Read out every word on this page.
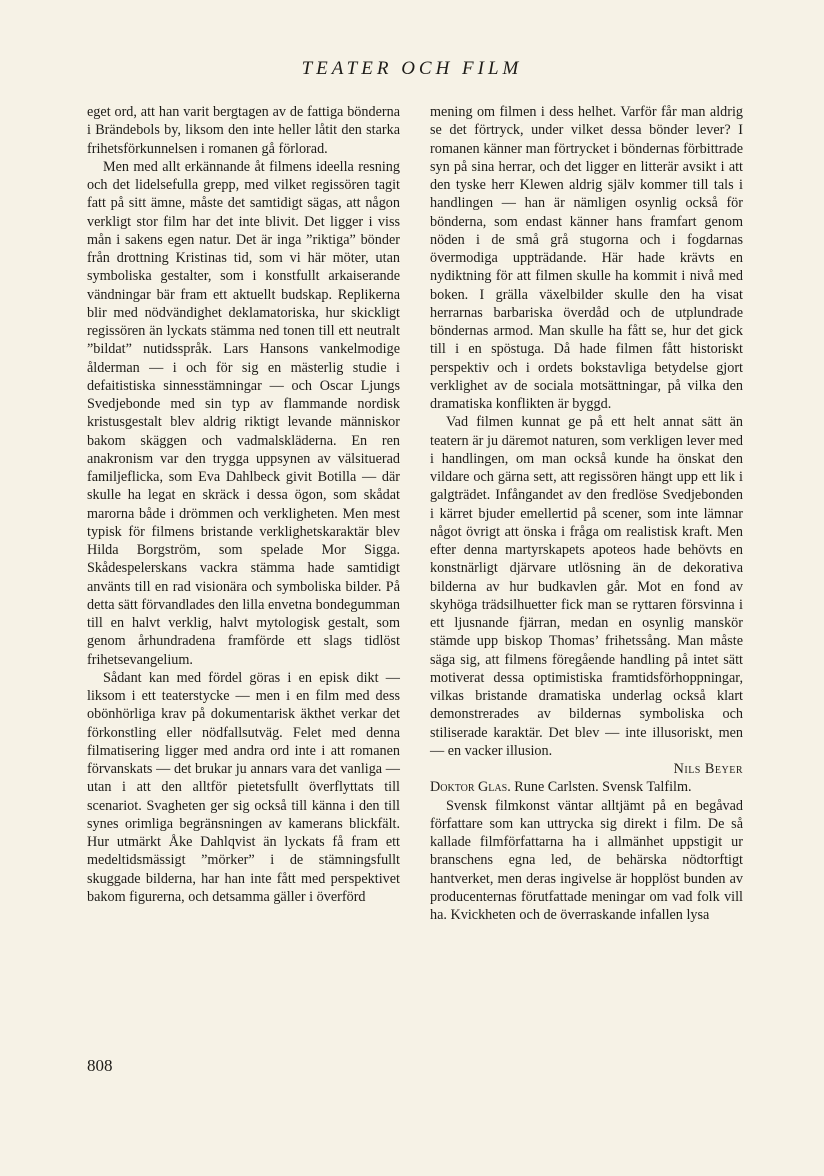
TEATER OCH FILM

eget ord, att han varit bergtagen av de fattiga bönderna i Brändebols by, liksom den inte heller låtit den starka frihetsförkunnelsen i romanen gå förlorad.

Men med allt erkännande åt filmens ideella resning och det lidelsefulla grepp, med vilket regissören tagit fatt på sitt ämne, måste det samtidigt sägas, att någon verkligt stor film har det inte blivit. Det ligger i viss mån i sakens egen natur. Det är inga ”riktiga” bönder från drottning Kristinas tid, som vi här möter, utan symboliska gestalter, som i konstfullt arkaiserande vändningar bär fram ett aktuellt budskap. Replikerna blir med nödvändighet deklamatoriska, hur skickligt regissören än lyckats stämma ned tonen till ett neutralt ”bildat” nutidsspråk. Lars Hansons vankelmodige ålderman — i och för sig en mästerlig studie i defaitistiska sinnesstämningar — och Oscar Ljungs Svedjebonde med sin typ av flammande nordisk kristusgestalt blev aldrig riktigt levande människor bakom skäggen och vadmalskläderna. En ren anakronism var den trygga uppsynen av välsituerad familjeflicka, som Eva Dahlbeck givit Botilla — där skulle ha legat en skräck i dessa ögon, som skådat marorna både i drömmen och verkligheten. Men mest typisk för filmens bristande verklighetskaraktär blev Hilda Borgström, som spelade Mor Sigga. Skådespelerskans vackra stämma hade samtidigt använts till en rad visionära och symboliska bilder. På detta sätt förvandlades den lilla envetna bondegumman till en halvt verklig, halvt mytologisk gestalt, som genom århundradena framförde ett slags tidlöst frihetsevangelium.

Sådant kan med fördel göras i en episk dikt — liksom i ett teaterstycke — men i en film med dess obönhörliga krav på dokumentarisk äkthet verkar det förkonstling eller nödfallsutväg. Felet med denna filmatisering ligger med andra ord inte i att romanen förvanskats — det brukar ju annars vara det vanliga — utan i att den alltför pietetsfullt överflyttats till scenariot. Svagheten ger sig också till känna i den till synes orimliga begränsningen av kamerans blickfält. Hur utmärkt Åke Dahlqvist än lyckats få fram ett medeltidsmässigt ”mörker” i de stämningsfullt skuggade bilderna, har han inte fått med perspektivet bakom figurerna, och detsamma gäller i överförd

mening om filmen i dess helhet. Varför får man aldrig se det förtryck, under vilket dessa bönder lever? I romanen känner man förtrycket i böndernas förbittrade syn på sina herrar, och det ligger en litterär avsikt i att den tyske herr Klewen aldrig själv kommer till tals i handlingen — han är nämligen osynlig också för bönderna, som endast känner hans framfart genom nöden i de små grå stugorna och i fogdarnas övermodiga uppträdande. Här hade krävts en nydiktning för att filmen skulle ha kommit i nivå med boken. I grälla växelbilder skulle den ha visat herrarnas barbariska överdåd och de utplundrade böndernas armod. Man skulle ha fått se, hur det gick till i en spöstuga. Då hade filmen fått historiskt perspektiv och i ordets bokstavliga betydelse gjort verklighet av de sociala motsättningar, på vilka den dramatiska konflikten är byggd.

Vad filmen kunnat ge på ett helt annat sätt än teatern är ju däremot naturen, som verkligen lever med i handlingen, om man också kunde ha önskat den vildare och gärna sett, att regissören hängt upp ett lik i galgträdet. Infångandet av den fredlöse Svedjebonden i kärret bjuder emellertid på scener, som inte lämnar något övrigt att önska i fråga om realistisk kraft. Men efter denna martyrskapets apoteos hade behövts en konstnärligt djärvare utlösning än de dekorativa bilderna av hur budkavlen går. Mot en fond av skyhöga trädsilhuetter fick man se ryttaren försvinna i ett ljusnande fjärran, medan en osynlig manskör stämde upp biskop Thomas’ frihetssång. Man måste säga sig, att filmens föregående handling på intet sätt motiverat dessa optimistiska framtidsförhoppningar, vilkas bristande dramatiska underlag också klart demonstrerades av bildernas symboliska och stiliserade karaktär. Det blev — inte illusoriskt, men — en vacker illusion.

Nils Beyer

Doktor Glas. Rune Carlsten. Svensk Talfilm.

Svensk filmkonst väntar alltjämt på en begåvad författare som kan uttrycka sig direkt i film. De så kallade filmförfattarna ha i allmänhet uppstigit ur branschens egna led, de behärska nödtorftigt hantverket, men deras ingivelse är hopplöst bunden av producenternas förutfattade meningar om vad folk vill ha. Kvickheten och de överraskande infallen lysa

808
